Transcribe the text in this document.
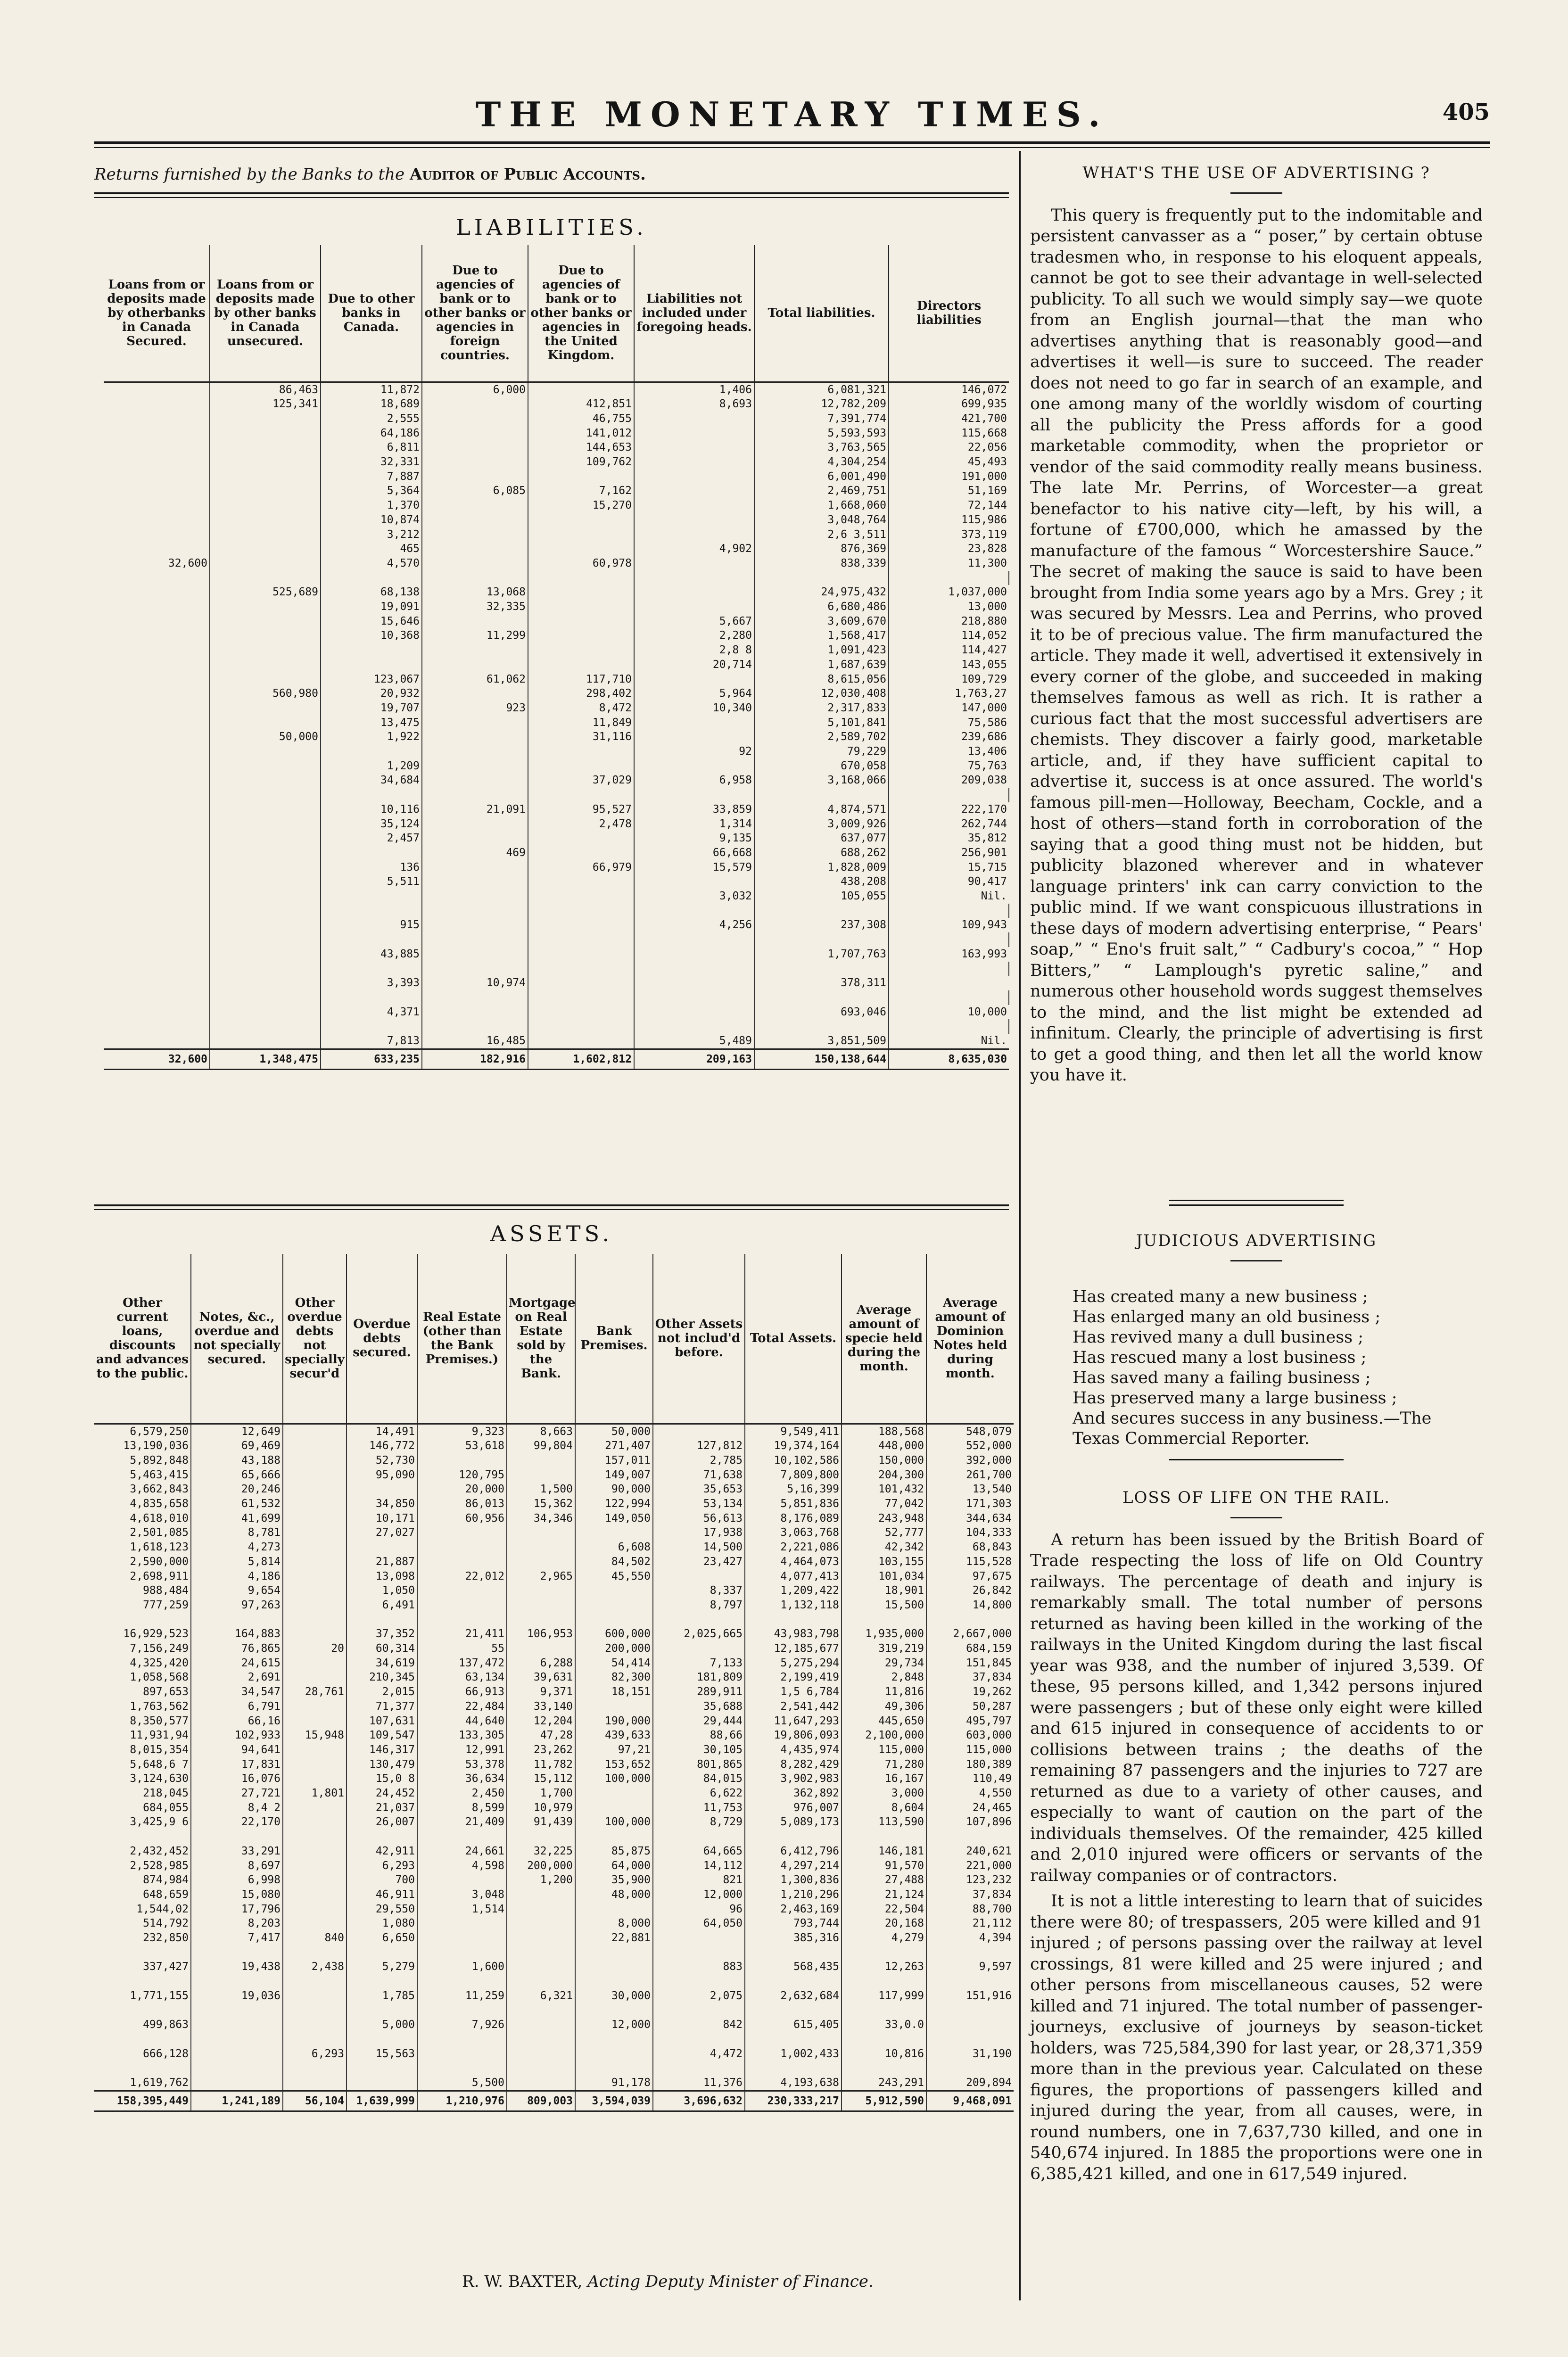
THE MONETARY TIMES.	405
Returns furnished by the Banks to the Auditor of Public Accounts.
LIABILITIES.
Loans from or deposits made by otherbanks in Canada Secured.	Loans from or deposits made by other banks in Canada unsecured.	Due to other banks in Canada.	Due to agencies of bank or to other banks or agencies in foreign countries.	Due to agencies of bank or to other banks or agencies in the United Kingdom.	Liabilities not included under foregoing heads.	Total liabilities.	Directors liabilities	
	86,463	11,872	6,000		1,406	6,081,321	146,072	
	125,341	18,689		412,851	8,693	12,782,209	699,935	
		2,555		46,755		7,391,774	421,700	
		64,186		141,012		5,593,593	115,668	
		6,811		144,653		3,763,565	22,056	
		32,331		109,762		4,304,254	45,493	
		7,887				6,001,490	191,000	
		5,364	6,085	7,162		2,469,751	51,169	
		1,370		15,270		1,668,060	72,144	
		10,874				3,048,764	115,986	
		3,212				2,6 3,511	373,119	
		465			4,902	876,369	23,828	
32,600		4,570		60,978		838,339	11,300	

	525,689	68,138	13,068			24,975,432	1,037,000	
		19,091	32,335			6,680,486	13,000	
		15,646			5,667	3,609,670	218,880	
		10,368	11,299		2,280	1,568,417	114,052	
					2,8 8	1,091,423	114,427	
					20,714	1,687,639	143,055	
		123,067	61,062	117,710		8,615,056	109,729	
	560,980	20,932		298,402	5,964	12,030,408	1,763,27	
		19,707	923	8,472	10,340	2,317,833	147,000	
		13,475		11,849		5,101,841	75,586	
	50,000	1,922		31,116		2,589,702	239,686	
					92	79,229	13,406	
		1,209				670,058	75,763	
		34,684		37,029	6,958	3,168,066	209,038	

		10,116	21,091	95,527	33,859	4,874,571	222,170	
		35,124		2,478	1,314	3,009,926	262,744	
		2,457			9,135	637,077	35,812	
			469		66,668	688,262	256,901	
		136		66,979	15,579	1,828,009	15,715	
		5,511				438,208	90,417	
					3,032	105,055	Nil.	

		915			4,256	237,308	109,943	

		43,885				1,707,763	163,993	

		3,393	10,974			378,311		

		4,371				693,046	10,000	

		7,813	16,485		5,489	3,851,509	Nil.	
32,600	1,348,475	633,235	182,916	1,602,812	209,163	150,138,644	8,635,030	
ASSETS.
Other current loans, discounts and advances to the public.	Notes, &c., overdue and not specially secured.	Other overdue debts not specially secur'd	Overdue debts secured.	Real Estate (other than the Bank Premises.)	Mortgage on Real Estate sold by the Bank.	Bank Premises.	Other Assets not includ'd before.	Total Assets.	Average amount of specie held during the month.	Average amount of Dominion Notes held during month.
6,579,250	12,649		14,491	9,323	8,663	50,000		9,549,411	188,568	548,079
13,190,036	69,469		146,772	53,618	99,804	271,407	127,812	19,374,164	448,000	552,000
5,892,848	43,188		52,730			157,011	2,785	10,102,586	150,000	392,000
5,463,415	65,666		95,090	120,795		149,007	71,638	7,809,800	204,300	261,700
3,662,843	20,246			20,000	1,500	90,000	35,653	5,16,399	101,432	13,540
4,835,658	61,532		34,850	86,013	15,362	122,994	53,134	5,851,836	77,042	171,303
4,618,010	41,699		10,171	60,956	34,346	149,050	56,613	8,176,089	243,948	344,634
2,501,085	8,781		27,027				17,938	3,063,768	52,777	104,333
1,618,123	4,273					6,608	14,500	2,221,086	42,342	68,843
2,590,000	5,814		21,887			84,502	23,427	4,464,073	103,155	115,528
2,698,911	4,186		13,098	22,012	2,965	45,550		4,077,413	101,034	97,675
988,484	9,654		1,050				8,337	1,209,422	18,901	26,842
777,259	97,263		6,491				8,797	1,132,118	15,500	14,800

16,929,523	164,883		37,352	21,411	106,953	600,000	2,025,665	43,983,798	1,935,000	2,667,000
7,156,249	76,865	20	60,314	55		200,000		12,185,677	319,219	684,159
4,325,420	24,615		34,619	137,472	6,288	54,414	7,133	5,275,294	29,734	151,845
1,058,568	2,691		210,345	63,134	39,631	82,300	181,809	2,199,419	2,848	37,834
897,653	34,547	28,761	2,015	66,913	9,371	18,151	289,911	1,5 6,784	11,816	19,262
1,763,562	6,791		71,377	22,484	33,140		35,688	2,541,442	49,306	50,287
8,350,577	66,16		107,631	44,640	12,204	190,000	29,444	11,647,293	445,650	495,797
11,931,94	102,933	15,948	109,547	133,305	47,28	439,633	88,66	19,806,093	2,100,000	603,000
8,015,354	94,641		146,317	12,991	23,262	97,21	30,105	4,435,974	115,000	115,000
5,648,6 7	17,831		130,479	53,378	11,782	153,652	801,865	8,282,429	71,280	180,389
3,124,630	16,076		15,0 8	36,634	15,112	100,000	84,015	3,902,983	16,167	110,49
218,045	27,721	1,801	24,452	2,450	1,700		6,622	362,892	3,000	4,550
684,055	8,4 2		21,037	8,599	10,979		11,753	976,007	8,604	24,465
3,425,9 6	22,170		26,007	21,409	91,439	100,000	8,729	5,089,173	113,590	107,896

2,432,452	33,291		42,911	24,661	32,225	85,875	64,665	6,412,796	146,181	240,621
2,528,985	8,697		6,293	4,598	200,000	64,000	14,112	4,297,214	91,570	221,000
874,984	6,998		700		1,200	35,900	821	1,300,836	27,488	123,232
648,659	15,080		46,911	3,048		48,000	12,000	1,210,296	21,124	37,834
1,544,02	17,796		29,550	1,514			96	2,463,169	22,504	88,700
514,792	8,203		1,080			8,000	64,050	793,744	20,168	21,112
232,850	7,417	840	6,650			22,881		385,316	4,279	4,394

337,427	19,438	2,438	5,279	1,600			883	568,435	12,263	9,597

1,771,155	19,036		1,785	11,259	6,321	30,000	2,075	2,632,684	117,999	151,916

499,863			5,000	7,926		12,000	842	615,405	33,0.0	

666,128		6,293	15,563				4,472	1,002,433	10,816	31,190

1,619,762				5,500		91,178	11,376	4,193,638	243,291	209,894
158,395,449	1,241,189	56,104	1,639,999	1,210,976	809,003	3,594,039	3,696,632	230,333,217	5,912,590	9,468,091
R. W. BAXTER, Acting Deputy Minister of Finance.
WHAT'S THE USE OF ADVERTISING ?

This query is frequently put to the indomitable and persistent canvasser as a “ poser,” by certain obtuse tradesmen who, in response to his eloquent appeals, cannot be got to see their advantage in well-selected publicity. To all such we would simply say—we quote from an English journal—that the man who advertises anything that is reasonably good—and advertises it well—is sure to succeed. The reader does not need to go far in search of an example, and one among many of the worldly wisdom of courting all the publicity the Press affords for a good marketable commodity, when the proprietor or vendor of the said commodity really means business. The late Mr. Perrins, of Worcester—a great benefactor to his native city—left, by his will, a fortune of £700,000, which he amassed by the manufacture of the famous “ Worcestershire Sauce.” The secret of making the sauce is said to have been brought from India some years ago by a Mrs. Grey ; it was secured by Messrs. Lea and Perrins, who proved it to be of precious value. The firm manufactured the article. They made it well, advertised it extensively in every corner of the globe, and succeeded in making themselves famous as well as rich. It is rather a curious fact that the most successful advertisers are chemists. They discover a fairly good, marketable article, and, if they have sufficient capital to advertise it, success is at once assured. The world's famous pill-men—Holloway, Beecham, Cockle, and a host of others—stand forth in corroboration of the saying that a good thing must not be hidden, but publicity blazoned wherever and in whatever language printers' ink can carry conviction to the public mind. If we want conspicuous illustrations in these days of modern advertising enterprise, “ Pears' soap,” “ Eno's fruit salt,” “ Cadbury's cocoa,” “ Hop Bitters,” “ Lamplough's pyretic saline,” and numerous other household words suggest themselves to the mind, and the list might be extended ad infinitum. Clearly, the principle of advertising is first to get a good thing, and then let all the world know you have it.

JUDICIOUS ADVERTISING
Has created many a new business ;
Has enlarged many an old business ;
Has revived many a dull business ;
Has rescued many a lost business ;
Has saved many a failing business ;
Has preserved many a large business ;
And secures success in any business.—The Texas Commercial Reporter.
LOSS OF LIFE ON THE RAIL.

A return has been issued by the British Board of Trade respecting the loss of life on Old Country railways. The percentage of death and injury is remarkably small. The total number of persons returned as having been killed in the working of the railways in the United Kingdom during the last fiscal year was 938, and the number of injured 3,539. Of these, 95 persons killed, and 1,342 persons injured were passengers ; but of these only eight were killed and 615 injured in consequence of accidents to or collisions between trains ; the deaths of the remaining 87 passengers and the injuries to 727 are returned as due to a variety of other causes, and especially to want of caution on the part of the individuals themselves. Of the remainder, 425 killed and 2,010 injured were officers or servants of the railway companies or of contractors.

It is not a little interesting to learn that of suicides there were 80; of trespassers, 205 were killed and 91 injured ; of persons passing over the railway at level crossings, 81 were killed and 25 were injured ; and other persons from miscellaneous causes, 52 were killed and 71 injured. The total number of passenger-journeys, exclusive of journeys by season-ticket holders, was 725,584,390 for last year, or 28,371,359 more than in the previous year. Calculated on these figures, the proportions of passengers killed and injured during the year, from all causes, were, in round numbers, one in 7,637,730 killed, and one in 540,674 injured. In 1885 the proportions were one in 6,385,421 killed, and one in 617,549 injured.
